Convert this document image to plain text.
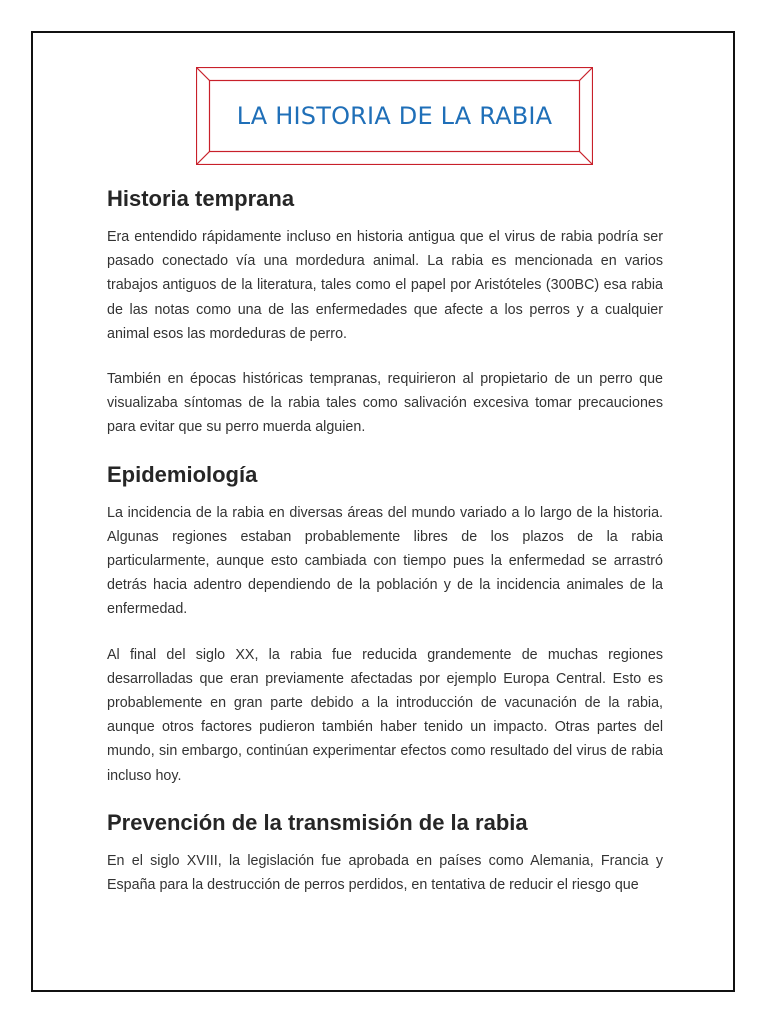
LA HISTORIA DE LA RABIA
Historia temprana

Era entendido rápidamente incluso en historia antigua que el virus de rabia podría ser pasado conectado vía una mordedura animal. La rabia es mencionada en varios trabajos antiguos de la literatura, tales como el papel por Aristóteles (300BC) esa rabia de las notas como una de las enfermedades que afecte a los perros y a cualquier animal esos las mordeduras de perro.

También en épocas históricas tempranas, requirieron al propietario de un perro que visualizaba síntomas de la rabia tales como salivación excesiva tomar precauciones para evitar que su perro muerda alguien.

Epidemiología

La incidencia de la rabia en diversas áreas del mundo variado a lo largo de la historia. Algunas regiones estaban probablemente libres de los plazos de la rabia particularmente, aunque esto cambiada con tiempo pues la enfermedad se arrastró detrás hacia adentro dependiendo de la población y de la incidencia animales de la enfermedad.

Al final del siglo XX, la rabia fue reducida grandemente de muchas regiones desarrolladas que eran previamente afectadas por ejemplo Europa Central. Esto es probablemente en gran parte debido a la introducción de vacunación de la rabia, aunque otros factores pudieron también haber tenido un impacto. Otras partes del mundo, sin embargo, continúan experimentar efectos como resultado del virus de rabia incluso hoy.

Prevención de la transmisión de la rabia

En el siglo XVIII, la legislación fue aprobada en países como Alemania, Francia y España para la destrucción de perros perdidos, en tentativa de reducir el riesgo que
